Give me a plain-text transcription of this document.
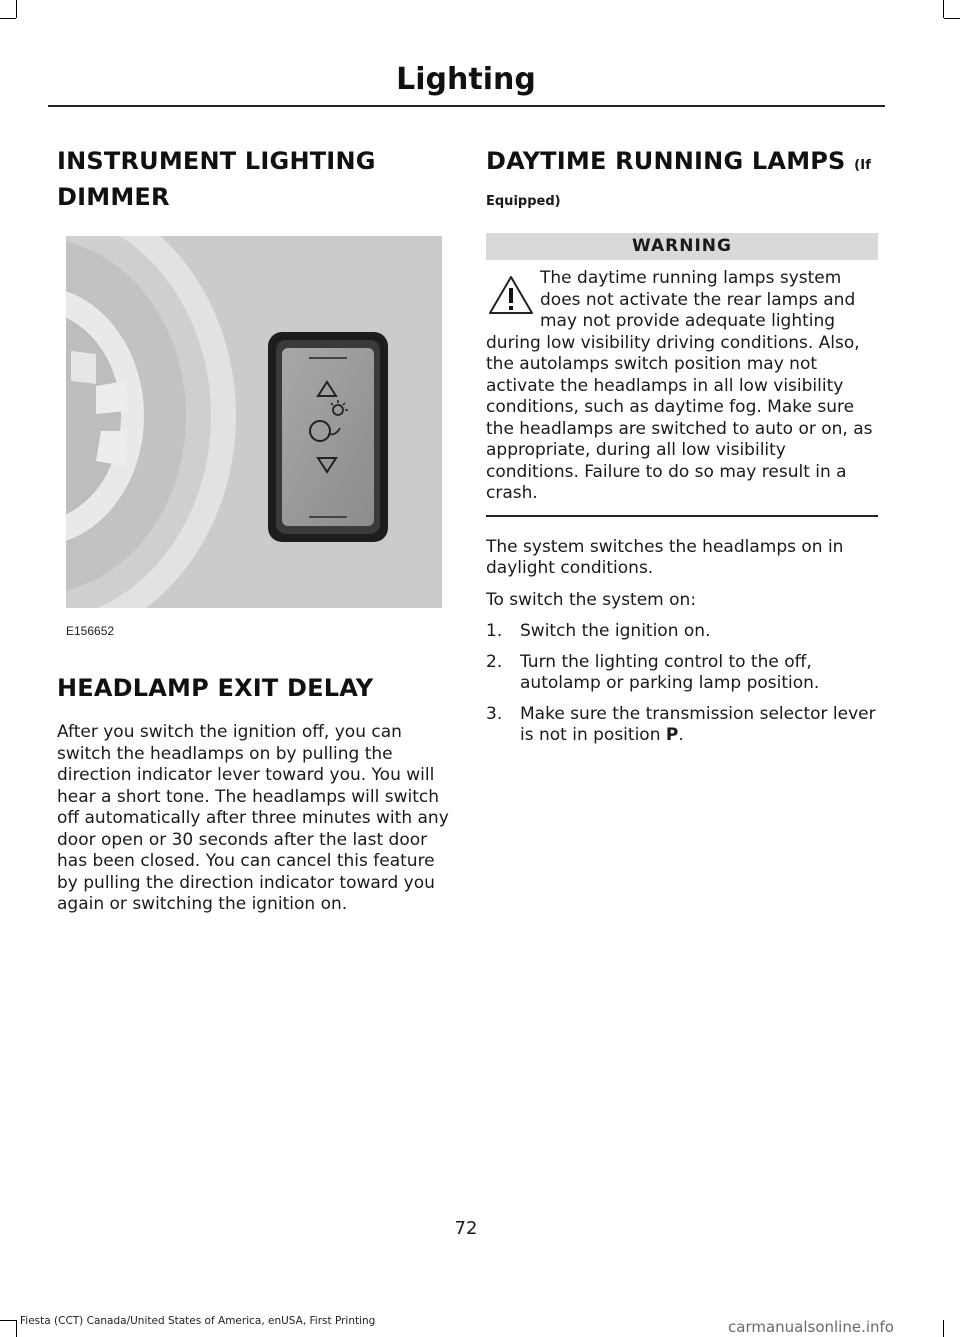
Lighting
INSTRUMENT LIGHTING
DIMMER
E156652
HEADLAMP EXIT DELAY

After you switch the ignition off, you can switch the headlamps on by pulling the direction indicator lever toward you. You will hear a short tone. The headlamps will switch off automatically after three minutes with any door open or 30 seconds after the last door has been closed. You can cancel this feature by pulling the direction indicator toward you again or switching the ignition on.

DAYTIME RUNNING LAMPS (If
Equipped)
WARNING
The daytime running lamps system does not activate the rear lamps and may not provide adequate lighting during low visibility driving conditions. Also, the autolamps switch position may not activate the headlamps in all low visibility conditions, such as daytime fog. Make sure the headlamps are switched to auto or on, as appropriate, during all low visibility conditions. Failure to do so may result in a crash.

The system switches the headlamps on in daylight conditions.

To switch the system on:

1. Switch the ignition on.
2. Turn the lighting control to the off, autolamp or parking lamp position.
3. Make sure the transmission selector lever is not in position P.
72
Fiesta (CCT) Canada/United States of America, enUSA, First Printing	carmanualsonline.info
